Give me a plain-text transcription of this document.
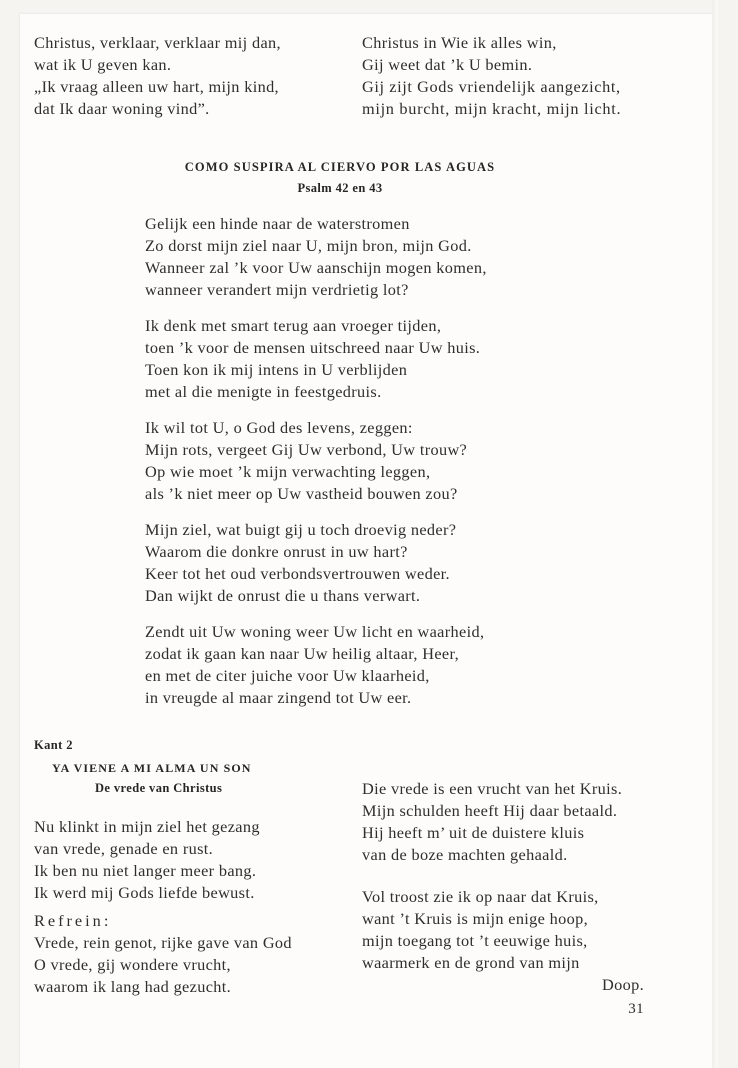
Christus, verklaar, verklaar mij dan,
wat ik U geven kan.
„Ik vraag alleen uw hart, mijn kind,
dat Ik daar woning vind”.
Christus in Wie ik alles win,
Gij weet dat ’k U bemin.
Gij zijt Gods vriendelijk aangezicht,
mijn burcht, mijn kracht, mijn licht.
COMO SUSPIRA AL CIERVO POR LAS AGUAS
Psalm 42 en 43
Gelijk een hinde naar de waterstromen
Zo dorst mijn ziel naar U, mijn bron, mijn God.
Wanneer zal ’k voor Uw aanschijn mogen komen,
wanneer verandert mijn verdrietig lot?
Ik denk met smart terug aan vroeger tijden,
toen ’k voor de mensen uitschreed naar Uw huis.
Toen kon ik mij intens in U verblijden
met al die menigte in feestgedruis.
Ik wil tot U, o God des levens, zeggen:
Mijn rots, vergeet Gij Uw verbond, Uw trouw?
Op wie moet ’k mijn verwachting leggen,
als ’k niet meer op Uw vastheid bouwen zou?
Mijn ziel, wat buigt gij u toch droevig neder?
Waarom die donkre onrust in uw hart?
Keer tot het oud verbondsvertrouwen weder.
Dan wijkt de onrust die u thans verwart.
Zendt uit Uw woning weer Uw licht en waarheid,
zodat ik gaan kan naar Uw heilig altaar, Heer,
en met de citer juiche voor Uw klaarheid,
in vreugde al maar zingend tot Uw eer.
Kant 2
YA VIENE A MI ALMA UN SON
De vrede van Christus
Nu klinkt in mijn ziel het gezang
van vrede, genade en rust.
Ik ben nu niet langer meer bang.
Ik werd mij Gods liefde bewust.
Refrein:
Vrede, rein genot, rijke gave van God
O vrede, gij wondere vrucht,
waarom ik lang had gezucht.
Die vrede is een vrucht van het Kruis.
Mijn schulden heeft Hij daar betaald.
Hij heeft m’ uit de duistere kluis
van de boze machten gehaald.
Vol troost zie ik op naar dat Kruis,
want ’t Kruis is mijn enige hoop,
mijn toegang tot ’t eeuwige huis,
waarmerk en de grond van mijn
Doop.
31
